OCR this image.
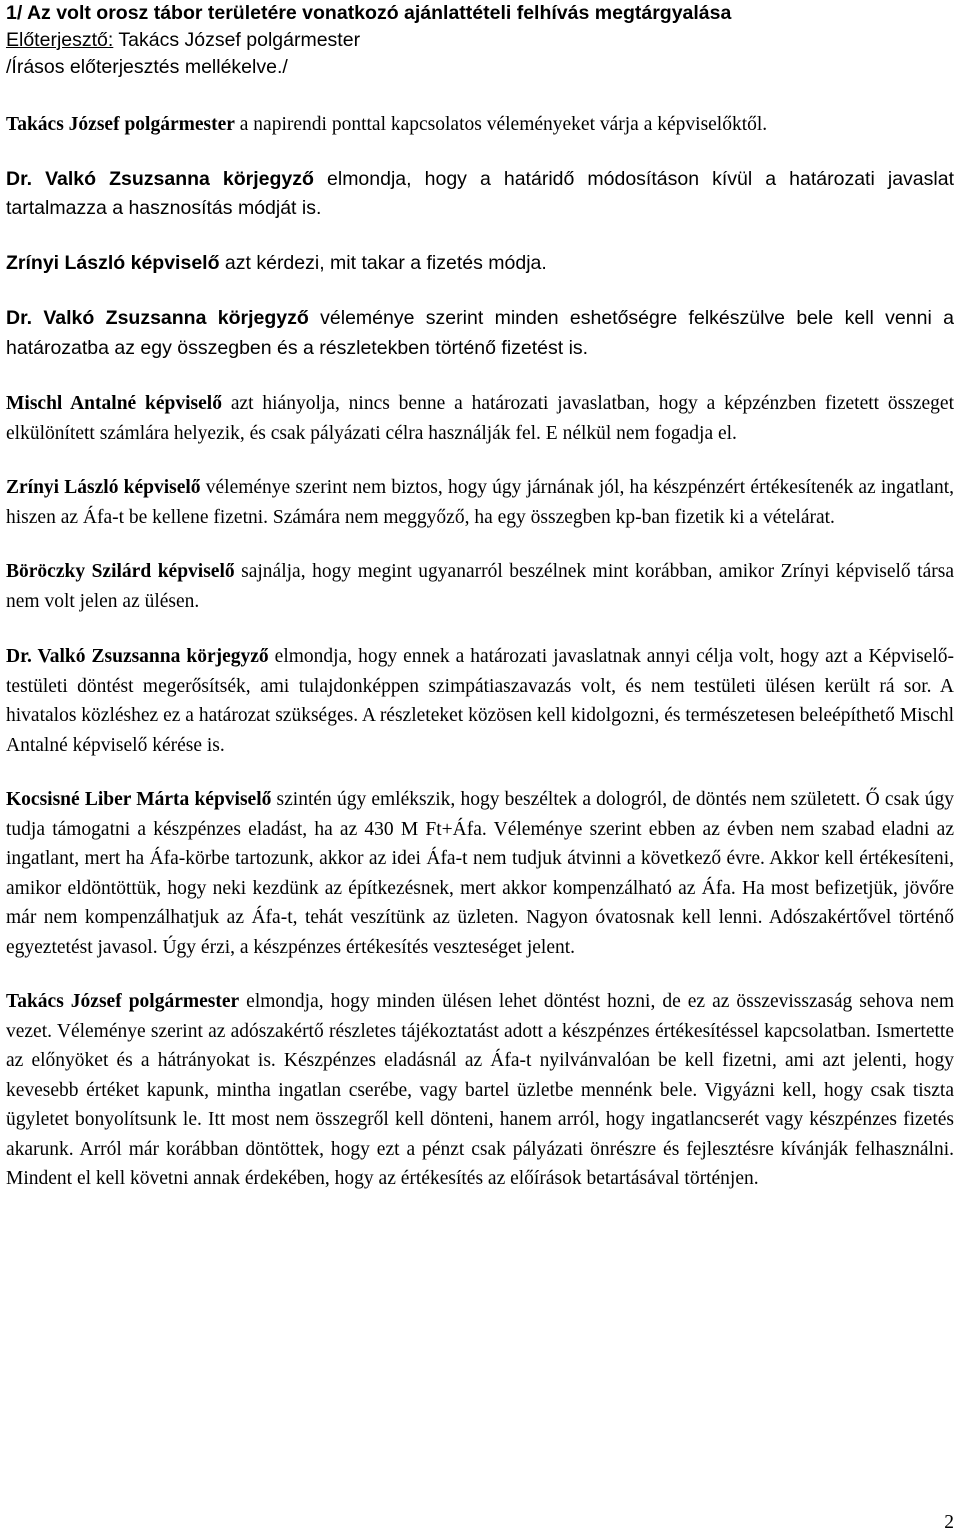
1/ Az volt orosz tábor területére vonatkozó ajánlattételi felhívás megtárgyalása

Előterjesztő: Takács József polgármester

/Írásos előterjesztés mellékelve./

Takács József polgármester a napirendi ponttal kapcsolatos véleményeket várja a képviselőktől.

Dr. Valkó Zsuzsanna körjegyző elmondja, hogy a határidő módosításon kívül a határozati javaslat tartalmazza a hasznosítás módját is.

Zrínyi László képviselő azt kérdezi, mit takar a fizetés módja.

Dr. Valkó Zsuzsanna körjegyző véleménye szerint minden eshetőségre felkészülve bele kell venni a határozatba az egy összegben és a részletekben történő fizetést is.

Mischl Antalné képviselő azt hiányolja, nincs benne a határozati javaslatban, hogy a képzénzben fizetett összeget elkülönített számlára helyezik, és csak pályázati célra használják fel. E nélkül nem fogadja el.

Zrínyi László képviselő véleménye szerint nem biztos, hogy úgy járnának jól, ha készpénzért értékesítenék az ingatlant, hiszen az Áfa-t be kellene fizetni. Számára nem meggyőző, ha egy összegben kp-ban fizetik ki a vételárat.

Böröczky Szilárd képviselő sajnálja, hogy megint ugyanarról beszélnek mint korábban, amikor Zrínyi képviselő társa nem volt jelen az ülésen.

Dr. Valkó Zsuzsanna körjegyző elmondja, hogy ennek a határozati javaslatnak annyi célja volt, hogy azt a Képviselő-testületi döntést megerősítsék, ami tulajdonképpen szimpátiaszavazás volt, és nem testületi ülésen került rá sor. A hivatalos közléshez ez a határozat szükséges. A részleteket közösen kell kidolgozni, és természetesen beleépíthető Mischl Antalné képviselő kérése is.

Kocsisné Liber Márta képviselő szintén úgy emlékszik, hogy beszéltek a dologról, de döntés nem született. Ő csak úgy tudja támogatni a készpénzes eladást, ha az 430 M Ft+Áfa. Véleménye szerint ebben az évben nem szabad eladni az ingatlant, mert ha Áfa-körbe tartozunk, akkor az idei Áfa-t nem tudjuk átvinni a következő évre. Akkor kell értékesíteni, amikor eldöntöttük, hogy neki kezdünk az építkezésnek, mert akkor kompenzálható az Áfa. Ha most befizetjük, jövőre már nem kompenzálhatjuk az Áfa-t, tehát veszítünk az üzleten. Nagyon óvatosnak kell lenni. Adószakértővel történő egyeztetést javasol. Úgy érzi, a készpénzes értékesítés veszteséget jelent.

Takács József polgármester elmondja, hogy minden ülésen lehet döntést hozni, de ez az összevisszaság sehova nem vezet. Véleménye szerint az adószakértő részletes tájékoztatást adott a készpénzes értékesítéssel kapcsolatban. Ismertette az előnyöket és a hátrányokat is. Készpénzes eladásnál az Áfa-t nyilvánvalóan be kell fizetni, ami azt jelenti, hogy kevesebb értéket kapunk, mintha ingatlan cserébe, vagy bartel üzletbe mennénk bele. Vigyázni kell, hogy csak tiszta ügyletet bonyolítsunk le. Itt most nem összegről kell dönteni, hanem arról, hogy ingatlancserét vagy készpénzes fizetés akarunk. Arról már korábban döntöttek, hogy ezt a pénzt csak pályázati önrészre és fejlesztésre kívánják felhasználni. Mindent el kell követni annak érdekében, hogy az értékesítés az előírások betartásával történjen.

2
